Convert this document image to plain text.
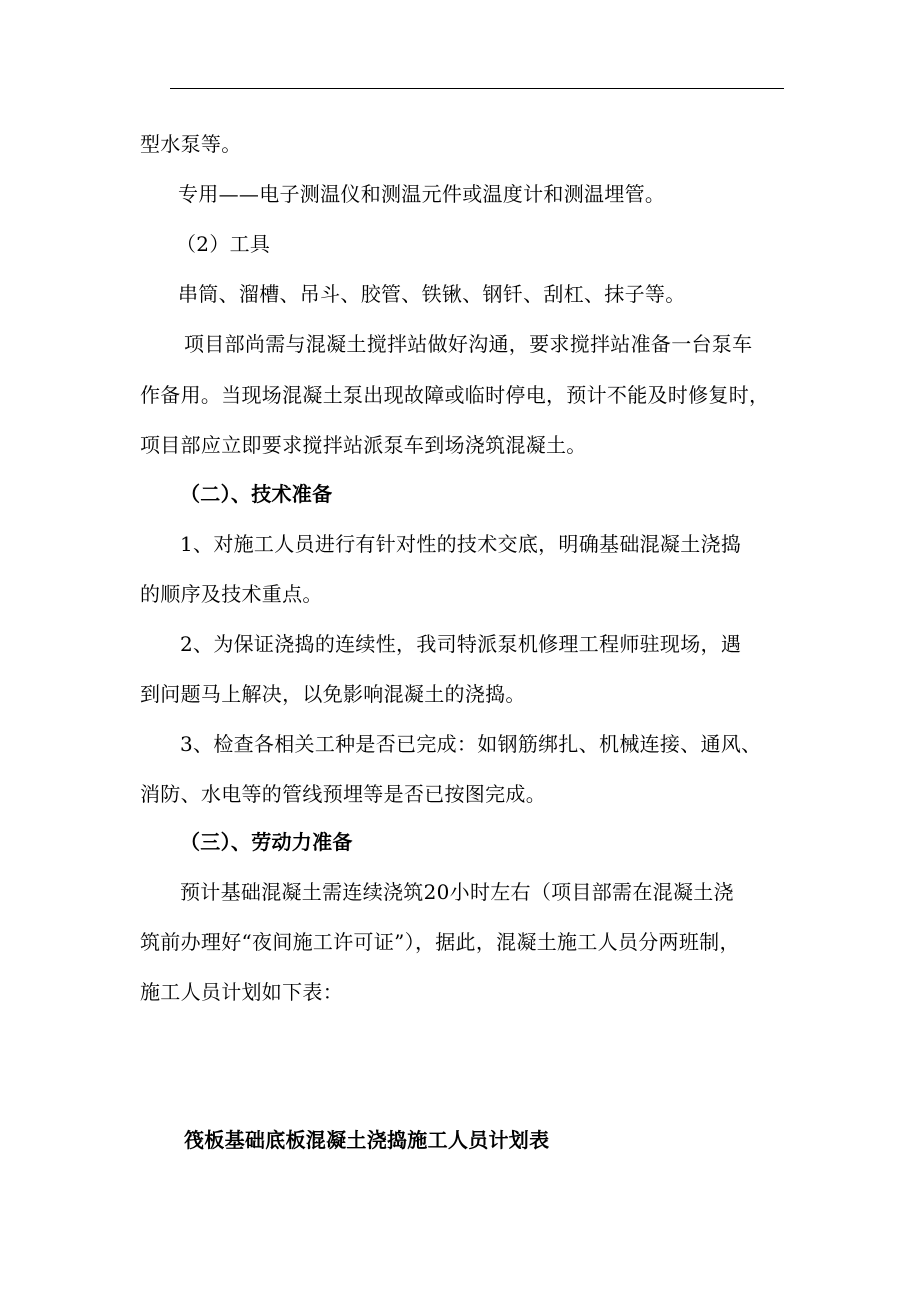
型水泵等。
专用——电子测温仪和测温元件或温度计和测温埋管。
（2）工具
串筒、溜槽、吊斗、胶管、铁锹、钢钎、刮杠、抹子等。
项目部尚需与混凝土搅拌站做好沟通，要求搅拌站准备一台泵车
作备用。当现场混凝土泵出现故障或临时停电，预计不能及时修复时，
项目部应立即要求搅拌站派泵车到场浇筑混凝土。
（二）、技术准备
1、对施工人员进行有针对性的技术交底，明确基础混凝土浇捣
的顺序及技术重点。
2、为保证浇捣的连续性，我司特派泵机修理工程师驻现场，遇
到问题马上解决，以免影响混凝土的浇捣。
3、检查各相关工种是否已完成：如钢筋绑扎、机械连接、通风、
消防、水电等的管线预埋等是否已按图完成。
（三）、劳动力准备
预计基础混凝土需连续浇筑20小时左右（项目部需在混凝土浇
筑前办理好“夜间施工许可证”），据此，混凝土施工人员分两班制，
施工人员计划如下表：
筏板基础底板混凝土浇捣施工人员计划表
